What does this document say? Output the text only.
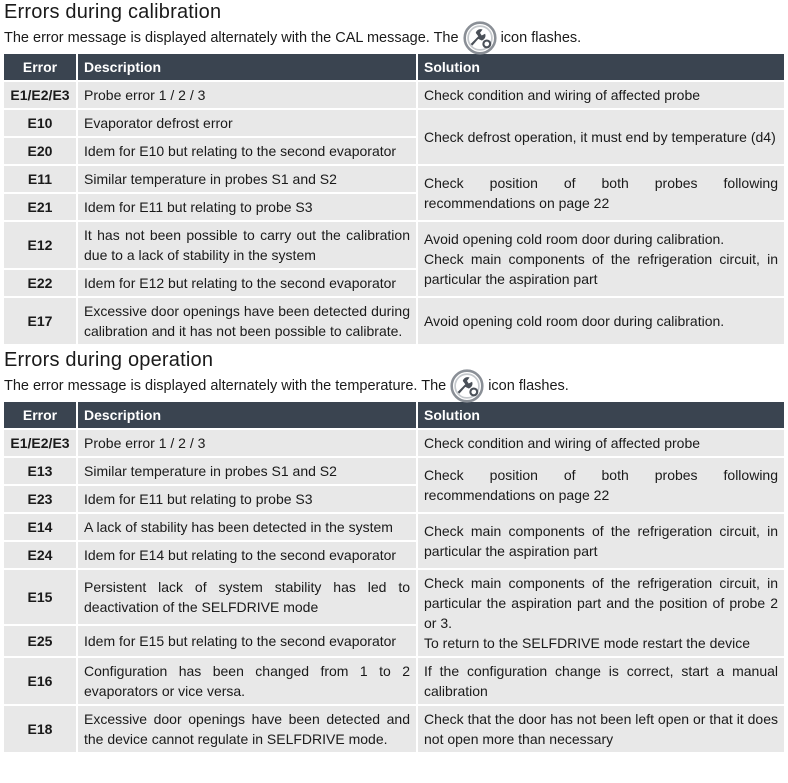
Errors during calibration
The error message is displayed alternately with the CAL message. The	icon flashes.
Error	Description	Solution
E1/E2/E3	Probe error 1 / 2 / 3	Check condition and wiring of affected probe
E10	Evaporator defrost error	Check defrost operation, it must end by temperature (d4)
E20	Idem for E10 but relating to the second evaporator	
E11	Similar temperature in probes S1 and S2	Check position of both probes following recommendations on page 22
E21	Idem for E11 but relating to probe S3	
E12	It has not been possible to carry out the calibration due to a lack of stability in the system	Avoid opening cold room door during calibration.
Check main components of the refrigeration circuit, in particular the aspiration part

E22	Idem for E12 but relating to the second evaporator	
E17	Excessive door openings have been detected during calibration and it has not been possible to calibrate.	Avoid opening cold room door during calibration.
Errors during operation
The error message is displayed alternately with the temperature. The	icon flashes.
Error	Description	Solution
E1/E2/E3	Probe error 1 / 2 / 3	Check condition and wiring of affected probe
E13	Similar temperature in probes S1 and S2	Check position of both probes following recommendations on page 22
E23	Idem for E11 but relating to probe S3	
E14	A lack of stability has been detected in the system	Check main components of the refrigeration circuit, in particular the aspiration part
E24	Idem for E14 but relating to the second evaporator	
E15	Persistent lack of system stability has led to deactivation of the SELFDRIVE mode	Check main components of the refrigeration circuit, in particular the aspiration part and the position of probe 2 or 3.
To return to the SELFDRIVE mode restart the device

E25	Idem for E15 but relating to the second evaporator	
E16	Configuration has been changed from 1 to 2 evaporators or vice versa.	If the configuration change is correct, start a manual calibration
E18	Excessive door openings have been detected and the device cannot regulate in SELFDRIVE mode.	Check that the door has not been left open or that it does not open more than necessary
